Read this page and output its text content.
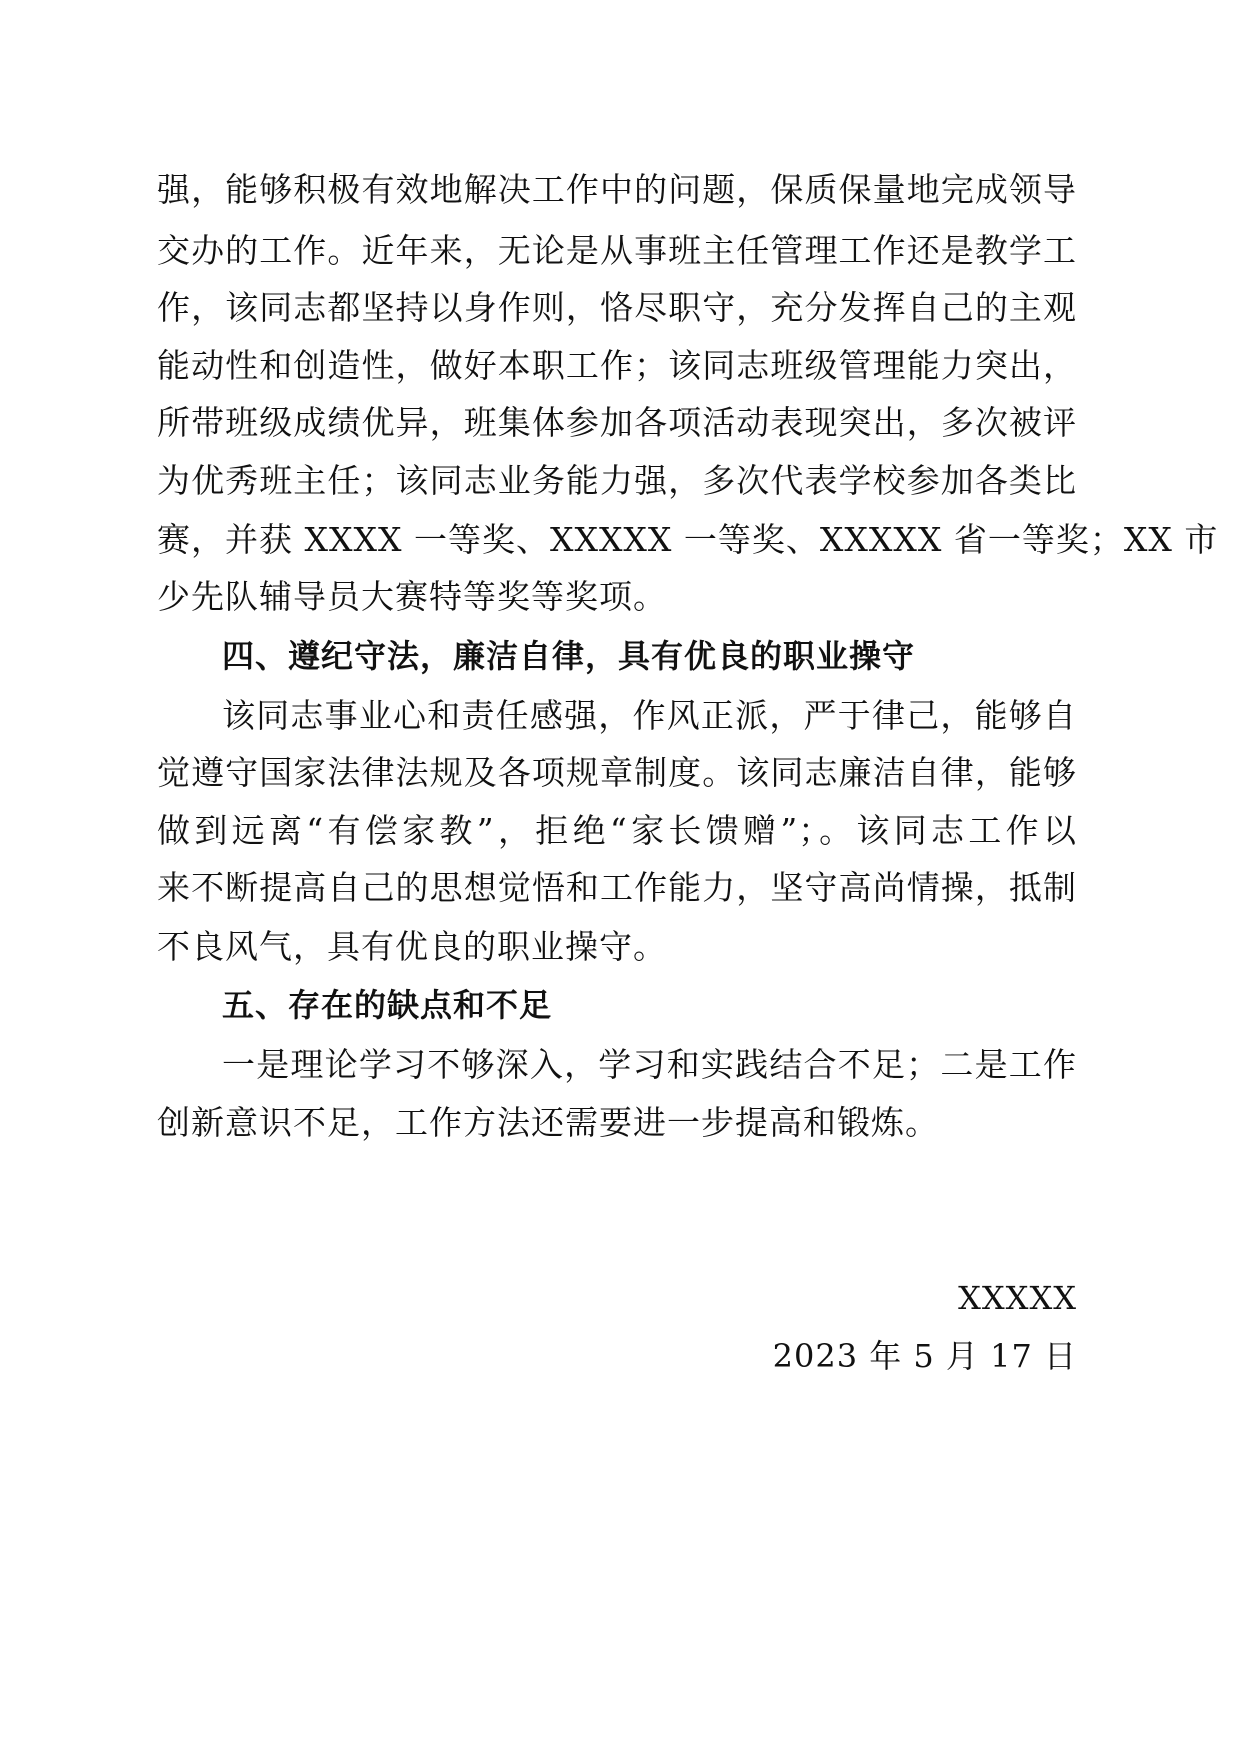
强，能够积极有效地解决工作中的问题，保质保量地完成领导
交办的工作。近年来，无论是从事班主任管理工作还是教学工
作，该同志都坚持以身作则，恪尽职守，充分发挥自己的主观
能动性和创造性，做好本职工作；该同志班级管理能力突出，
所带班级成绩优异，班集体参加各项活动表现突出，多次被评
为优秀班主任；该同志业务能力强，多次代表学校参加各类比
赛，并获 XXXX 一等奖、XXXXX 一等奖、XXXXX 省一等奖；XX 市
少先队辅导员大赛特等奖等奖项。
四、遵纪守法，廉洁自律，具有优良的职业操守
该同志事业心和责任感强，作风正派，严于律己，能够自
觉遵守国家法律法规及各项规章制度。该同志廉洁自律，能够
做到远离“有偿家教”，拒绝“家长馈赠”；。该同志工作以
来不断提高自己的思想觉悟和工作能力，坚守高尚情操，抵制
不良风气，具有优良的职业操守。
五、存在的缺点和不足
一是理论学习不够深入，学习和实践结合不足；二是工作
创新意识不足，工作方法还需要进一步提高和锻炼。
XXXXX
2023 年 5 月 17 日
